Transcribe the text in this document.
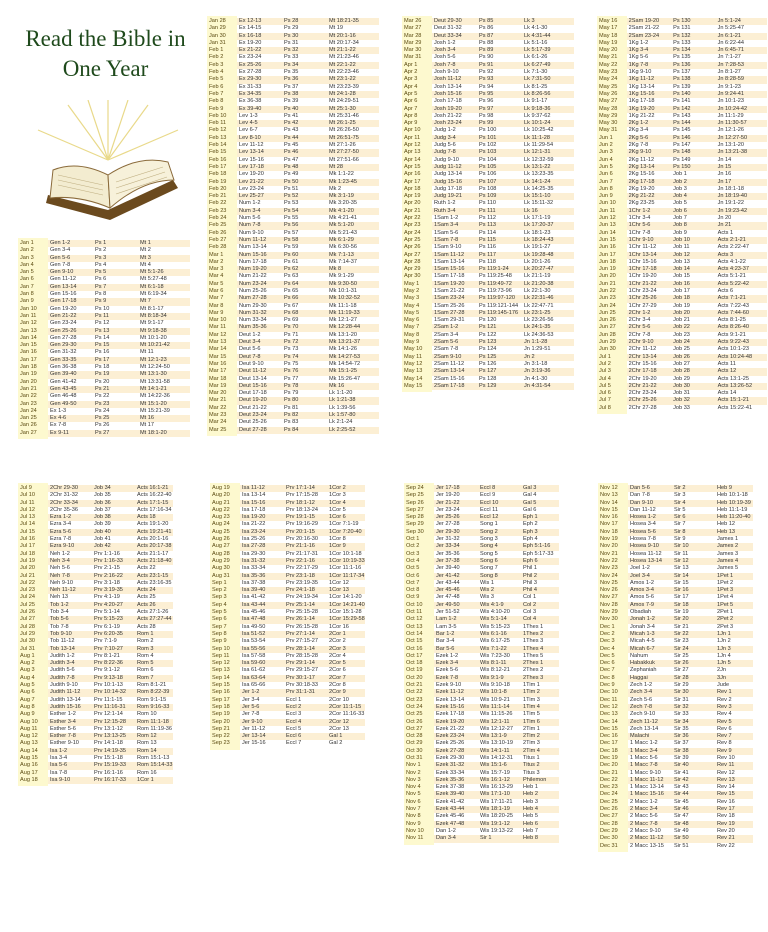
Read the Bible in One Year
Jan 1	Gen 1-2	Ps 1	Mt 1
Jan 2	Gen 3-4	Ps 2	Mt 2
Jan 3	Gen 5-6	Ps 3	Mt 3
Jan 4	Gen 7-8	Ps 4	Mt 4
Jan 5	Gen 9-10	Ps 5	Mt 5:1-26
Jan 6	Gen 11-12	Ps 6	Mt 5:27-48
Jan 7	Gen 13-14	Ps 7	Mt 6:1-18
Jan 8	Gen 15-16	Ps 8	Mt 6:19-34
Jan 9	Gen 17-18	Ps 9	Mt 7
Jan 10	Gen 19-20	Ps 10	Mt 8:1-17
Jan 11	Gen 21-22	Ps 11	Mt 8:18-34
Jan 12	Gen 23-24	Ps 12	Mt 9:1-17
Jan 13	Gen 25-26	Ps 13	Mt 9:18-38
Jan 14	Gen 27-28	Ps 14	Mt 10:1-20
Jan 15	Gen 29-30	Ps 15	Mt 10:21-42
Jan 16	Gen 31-32	Ps 16	Mt 11
Jan 17	Gen 33-35	Ps 17	Mt 12:1-23
Jan 18	Gen 36-38	Ps 18	Mt 12:24-50
Jan 19	Gen 39-40	Ps 19	Mt 13:1-30
Jan 20	Gen 41-42	Ps 20	Mt 13:31-58
Jan 21	Gen 43-45	Ps 21	Mt 14:1-21
Jan 22	Gen 46-48	Ps 22	Mt 14:22-36
Jan 23	Gen 49-50	Ps 23	Mt 15:1-20
Jan 24	Ex 1-3	Ps 24	Mt 15:21-39
Jan 25	Ex 4-6	Ps 25	Mt 16
Jan 26	Ex 7-8	Ps 26	Mt 17
Jan 27	Ex 9-11	Ps 27	Mt 18:1-20
Jan 28	Ex 12-13	Ps 28	Mt 18:21-35
Jan 29	Ex 14-15	Ps 29	Mt 19
Jan 30	Ex 16-18	Ps 30	Mt 20:1-16
Jan 31	Ex 19-20	Ps 31	Mt 20:17-34
Feb 1	Ex 21-22	Ps 32	Mt 21:1-22
Feb 2	Ex 23-24	Ps 33	Mt 21:23-46
Feb 3	Ex 25-26	Ps 34	Mt 22:1-22
Feb 4	Ex 27-28	Ps 35	Mt 22:23-46
Feb 5	Ex 29-30	Ps 36	Mt 23:1-22
Feb 6	Ex 31-33	Ps 37	Mt 23:23-39
Feb 7	Ex 34-35	Ps 38	Mt 24:1-28
Feb 8	Ex 36-38	Ps 39	Mt 24:29-51
Feb 9	Ex 39-40	Ps 40	Mt 25:1-30
Feb 10	Lev 1-3	Ps 41	Mt 25:31-46
Feb 11	Lev 4-5	Ps 42	Mt 26:1-25
Feb 12	Lev 6-7	Ps 43	Mt 26:26-50
Feb 13	Lev 8-10	Ps 44	Mt 26:51-75
Feb 14	Lev 11-12	Ps 45	Mt 27:1-26
Feb 15	Lev 13-14	Ps 46	Mt 27:27-50
Feb 16	Lev 15-16	Ps 47	Mt 27:51-66
Feb 17	Lev 17-18	Ps 48	Mt 28
Feb 18	Lev 19-20	Ps 49	Mk 1:1-22
Feb 19	Lev 21-22	Ps 50	Mk 1:23-45
Feb 20	Lev 23-24	Ps 51	Mk 2
Feb 21	Lev 25-27	Ps 52	Mk 3:1-19
Feb 22	Num 1-2	Ps 53	Mk 3:20-35
Feb 23	Num 3-4	Ps 54	Mk 4:1-20
Feb 24	Num 5-6	Ps 55	Mk 4:21-41
Feb 25	Num 7-8	Ps 56	Mk 5:1-20
Feb 26	Num 9-10	Ps 57	Mk 5:21-43
Feb 27	Num 11-12	Ps 58	Mk 6:1-29
Feb 28	Num 13-14	Ps 59	Mk 6:30-56
Mar 1	Num 15-16	Ps 60	Mk 7:1-13
Mar 2	Num 17-18	Ps 61	Mk 7:14-37
Mar 3	Num 19-20	Ps 62	Mk 8
Mar 4	Num 21-22	Ps 63	Mk 9:1-29
Mar 5	Num 23-24	Ps 64	Mk 9:30-50
Mar 6	Num 25-26	Ps 65	Mk 10:1-31
Mar 7	Num 27-28	Ps 66	Mk 10:32-52
Mar 8	Num 29-30	Ps 67	Mk 11:1-18
Mar 9	Num 31-32	Ps 68	Mk 11:19-33
Mar 10	Num 33-34	Ps 69	Mk 12:1-27
Mar 11	Num 35-36	Ps 70	Mk 12:28-44
Mar 12	Deut 1-2	Ps 71	Mk 13:1-20
Mar 13	Deut 3-4	Ps 72	Mk 13:21-37
Mar 14	Deut 5-6	Ps 73	Mk 14:1-26
Mar 15	Deut 7-8	Ps 74	Mk 14:27-53
Mar 16	Deut 9-10	Ps 75	Mk 14:54-72
Mar 17	Deut 11-12	Ps 76	Mk 15:1-25
Mar 18	Deut 13-14	Ps 77	Mk 15:26-47
Mar 19	Deut 15-16	Ps 78	Mk 16
Mar 20	Deut 17-18	Ps 79	Lk 1:1-20
Mar 21	Deut 19-20	Ps 80	Lk 1:21-38
Mar 22	Deut 21-22	Ps 81	Lk 1:39-56
Mar 23	Deut 23-24	Ps 82	Lk 1:57-80
Mar 24	Deut 25-26	Ps 83	Lk 2:1-24
Mar 25	Deut 27-28	Ps 84	Lk 2:25-52
Mar 26	Deut 29-30	Ps 85	Lk 3
Mar 27	Deut 31-32	Ps 86	Lk 4:1-30
Mar 28	Deut 33-34	Ps 87	Lk 4:31-44
Mar 29	Josh 1-2	Ps 88	Lk 5:1-16
Mar 30	Josh 3-4	Ps 89	Lk 5:17-39
Mar 31	Josh 5-6	Ps 90	Lk 6:1-26
Apr 1	Josh 7-8	Ps 91	Lk 6:27-49
Apr 2	Josh 9-10	Ps 92	Lk 7:1-30
Apr 3	Josh 11-12	Ps 93	Lk 7:31-50
Apr 4	Josh 13-14	Ps 94	Lk 8:1-25
Apr 5	Josh 15-16	Ps 95	Lk 8:26-56
Apr 6	Josh 17-18	Ps 96	Lk 9:1-17
Apr 7	Josh 19-20	Ps 97	Lk 9:18-36
Apr 8	Josh 21-22	Ps 98	Lk 9:37-62
Apr 9	Josh 23-24	Ps 99	Lk 10:1-24
Apr 10	Judg 1-2	Ps 100	Lk 10:25-42
Apr 11	Judg 3-4	Ps 101	Lk 11:1-28
Apr 12	Judg 5-6	Ps 102	Lk 11:29-54
Apr 13	Judg 7-8	Ps 103	Lk 12:1-31
Apr 14	Judg 9-10	Ps 104	Lk 12:32-59
Apr 15	Judg 11-12	Ps 105	Lk 13:1-22
Apr 16	Judg 13-14	Ps 106	Lk 13:23-35
Apr 17	Judg 15-16	Ps 107	Lk 14:1-24
Apr 18	Judg 17-18	Ps 108	Lk 14:25-35
Apr 19	Judg 19-21	Ps 109	Lk 15:1-10
Apr 20	Ruth 1-2	Ps 110	Lk 15:11-32
Apr 21	Ruth 3-4	Ps 111	Lk 16
Apr 22	1Sam 1-2	Ps 112	Lk 17:1-19
Apr 23	1Sam 3-4	Ps 113	Lk 17:20-37
Apr 24	1Sam 5-6	Ps 114	Lk 18:1-23
Apr 25	1Sam 7-8	Ps 115	Lk 18:24-43
Apr 26	1Sam 9-10	Ps 116	Lk 19:1-27
Apr 27	1Sam 11-12	Ps 117	Lk 19:28-48
Apr 28	1Sam 13-14	Ps 118	Lk 20:1-26
Apr 29	1Sam 15-16	Ps 119:1-24	Lk 20:27-47
Apr 30	1Sam 17-18	Ps 119:25-48	Lk 21:1-19
May 1	1Sam 19-20	Ps 119:49-72	Lk 21:20-38
May 2	1Sam 21-22	Ps 119:73-96	Lk 22:1-30
May 3	1Sam 23-24	Ps 119:97-120	Lk 22:31-46
May 4	1Sam 25-26	Ps 119:121-144	Lk 22:47-71
May 5	1Sam 27-28	Ps 119:145-176	Lk 23:1-25
May 6	1Sam 29-31	Ps 120	Lk 23:26-56
May 7	2Sam 1-2	Ps 121	Lk 24:1-35
May 8	2Sam 3-4	Ps 122	Lk 24:36-53
May 9	2Sam 5-6	Ps 123	Jn 1:1-28
May 10	2Sam 7-8	Ps 124	Jn 1:29-51
May 11	2Sam 9-10	Ps 125	Jn 2
May 12	2Sam 11-12	Ps 126	Jn 3:1-18
May 13	2Sam 13-14	Ps 127	Jn 3:19-36
May 14	2Sam 15-16	Ps 128	Jn 4:1-30
May 15	2Sam 17-18	Ps 129	Jn 4:31-54
May 16	2Sam 19-20	Ps 130	Jn 5:1-24
May 17	2Sam 21-22	Ps 131	Jn 5:25-47
May 18	2Sam 23-24	Ps 132	Jn 6:1-21
May 19	1Kg 1-2	Ps 133	Jn 6:22-44
May 20	1Kg 3-4	Ps 134	Jn 6:45-71
May 21	1Kg 5-6	Ps 135	Jn 7:1-27
May 22	1Kg 7-8	Ps 136	Jn 7:28-53
May 23	1Kg 9-10	Ps 137	Jn 8:1-27
May 24	1Kg 11-12	Ps 138	Jn 8:28-59
May 25	1Kg 13-14	Ps 139	Jn 9:1-23
May 26	1Kg 15-16	Ps 140	Jn 9:24-41
May 27	1Kg 17-18	Ps 141	Jn 10:1-23
May 28	1Kg 19-20	Ps 142	Jn 10:24-42
May 29	1Kg 21-22	Ps 143	Jn 11:1-29
May 30	2Kg 1-2	Ps 144	Jn 11:30-57
May 31	2Kg 3-4	Ps 145	Jn 12:1-26
Jun 1	2Kg 5-6	Ps 146	Jn 12:27-50
Jun 2	2Kg 7-8	Ps 147	Jn 13:1-20
Jun 3	2Kg 9-10	Ps 148	Jn 13:21-38
Jun 4	2Kg 11-12	Ps 149	Jn 14
Jun 5	2Kg 13-14	Ps 150	Jn 15
Jun 6	2Kg 15-16	Job 1	Jn 16
Jun 7	2Kg 17-18	Job 2	Jn 17
Jun 8	2Kg 19-20	Job 3	Jn 18:1-18
Jun 9	2Kg 21-22	Job 4	Jn 18:19-40
Jun 10	2Kg 23-25	Job 5	Jn 19:1-22
Jun 11	1Chr 1-2	Job 6	Jn 19:23-42
Jun 12	1Chr 3-4	Job 7	Jn 20
Jun 13	1Chr 5-6	Job 8	Jn 21
Jun 14	1Chr 7-8	Job 9	Acts 1
Jun 15	1Chr 9-10	Job 10	Acts 2:1-21
Jun 16	1Chr 11-12	Job 11	Acts 2:22-47
Jun 17	1Chr 13-14	Job 12	Acts 3
Jun 18	1Chr 15-16	Job 13	Acts 4:1-22
Jun 19	1Chr 17-18	Job 14	Acts 4:23-37
Jun 20	1Chr 19-20	Job 15	Acts 5:1-21
Jun 21	1Chr 21-22	Job 16	Acts 5:22-42
Jun 22	1Chr 23-24	Job 17	Acts 6
Jun 23	1Chr 25-26	Job 18	Acts 7:1-21
Jun 24	1Chr 27-29	Job 19	Acts 7:22-43
Jun 25	2Chr 1-2	Job 20	Acts 7:44-60
Jun 26	2Chr 3-4	Job 21	Acts 8:1-25
Jun 27	2Chr 5-6	Job 22	Acts 8:26-40
Jun 28	2Chr 7-8	Job 23	Acts 9:1-21
Jun 29	2Chr 9-10	Job 24	Acts 9:22-43
Jun 30	2Chr 11-12	Job 25	Acts 10:1-23
Jul 1	2Chr 13-14	Job 26	Acts 10:24-48
Jul 2	2Chr 15-16	Job 27	Acts 11
Jul 3	2Chr 17-18	Job 28	Acts 12
Jul 4	2Chr 19-20	Job 29	Acts 13:1-25
Jul 5	2Chr 21-22	Job 30	Acts 13:26-52
Jul 6	2Chr 23-24	Job 31	Acts 14
Jul 7	2Chr 25-26	Job 32	Acts 15:1-21
Jul 8	2Chr 27-28	Job 33	Acts 15:22-41
Jul 9	2Chr 29-30	Job 34	Acts 16:1-21
Jul 10	2Chr 31-32	Job 35	Acts 16:22-40
Jul 11	2Chr 33-34	Job 36	Acts 17:1-15
Jul 12	2Chr 35-36	Job 37	Acts 17:16-34
Jul 13	Ezra 1-2	Job 38	Acts 18
Jul 14	Ezra 3-4	Job 39	Acts 19:1-20
Jul 15	Ezra 5-6	Job 40	Acts 19:21-41
Jul 16	Ezra 7-8	Job 41	Acts 20:1-16
Jul 17	Ezra 9-10	Job 42	Acts 20:17-38
Jul 18	Neh 1-2	Prv 1:1-16	Acts 21:1-17
Jul 19	Neh 3-4	Prv 1:16-33	Acts 21:18-40
Jul 20	Neh 5-6	Prv 2:1-15	Acts 22
Jul 21	Neh 7-8	Prv 2:16-22	Acts 23:1-15
Jul 22	Neh 9-10	Prv 3:1-18	Acts 23:16-35
Jul 23	Neh 11-12	Prv 3:19-35	Acts 24
Jul 24	Neh 13	Prv 4:1-19	Acts 25
Jul 25	Tob 1-2	Prv 4:20-27	Acts 26
Jul 26	Tob 3-4	Prv 5:1-14	Acts 27:1-26
Jul 27	Tob 5-6	Prv 5:15-23	Acts 27:27-44
Jul 28	Tob 7-8	Prv 6:1-19	Acts 28
Jul 29	Tob 9-10	Prv 6:20-35	Rom 1
Jul 30	Tob 11-12	Prv 7:1-9	Rom 2
Jul 31	Tob 13-14	Prv 7:10-27	Rom 3
Aug 1	Judith 1-2	Prv 8:1-21	Rom 4
Aug 2	Judith 3-4	Prv 8:22-36	Rom 5
Aug 3	Judith 5-6	Prv 9:1-12	Rom 6
Aug 4	Judith 7-8	Prv 9:13-18	Rom 7
Aug 5	Judith 9-10	Prv 10:1-13	Rom 8:1-21
Aug 6	Judith 11-12	Prv 10:14-32	Rom 8:22-39
Aug 7	Judith 13-14	Prv 11:1-15	Rom 9:1-15
Aug 8	Judith 15-16	Prv 11:16-31	Rom 9:16-33
Aug 9	Esther 1-2	Prv 12:1-14	Rom 10
Aug 10	Esther 3-4	Prv 12:15-28	Rom 11:1-18
Aug 11	Esther 5-6	Prv 13:1-12	Rom 11:19-36
Aug 12	Esther 7-8	Prv 13:13-25	Rom 12
Aug 13	Esther 9-10	Prv 14:1-18	Rom 13
Aug 14	Isa 1-2	Prv 14:19-35	Rom 14
Aug 15	Isa 3-4	Prv 15:1-18	Rom 15:1-13
Aug 16	Isa 5-6	Prv 15:19-33	Rom 15:14-33
Aug 17	Isa 7-8	Prv 16:1-16	Rom 16
Aug 18	Isa 9-10	Prv 16:17-33	1Cor 1
Aug 19	Isa 11-12	Prv 17:1-14	1Cor 2
Aug 20	Isa 13-14	Prv 17:15-28	1Cor 3
Aug 21	Isa 15-16	Prv 18:1-12	1Cor 4
Aug 22	Isa 17-18	Prv 18:13-24	1Cor 5
Aug 23	Isa 19-20	Prv 19:1-15	1Cor 6
Aug 24	Isa 21-22	Prv 19:16-29	1Cor 7:1-19
Aug 25	Isa 23-24	Prv 20:1-15	1Cor 7:20-40
Aug 26	Isa 25-26	Prv 20:16-30	1Cor 8
Aug 27	Isa 27-28	Prv 21:1-16	1Cor 9
Aug 28	Isa 29-30	Prv 21:17-31	1Cor 10:1-18
Aug 29	Isa 31-32	Prv 22:1-16	1Cor 10:19-33
Aug 30	Isa 33-34	Prv 22:17-29	1Cor 11:1-16
Aug 31	Isa 35-36	Prv 23:1-18	1Cor 11:17-34
Sep 1	Isa 37-38	Prv 23:19-35	1Cor 12
Sep 2	Isa 39-40	Prv 24:1-18	1Cor 13
Sep 3	Isa 41-42	Prv 24:19-34	1Cor 14:1-20
Sep 4	Isa 43-44	Prv 25:1-14	1Cor 14:21-40
Sep 5	Isa 45-46	Prv 25:15-28	1Cor 15:1-28
Sep 6	Isa 47-48	Prv 26:1-14	1Cor 15:29-58
Sep 7	Isa 49-50	Prv 26:15-28	1Cor 16
Sep 8	Isa 51-52	Prv 27:1-14	2Cor 1
Sep 9	Isa 53-54	Prv 27:15-27	2Cor 2
Sep 10	Isa 55-56	Prv 28:1-14	2Cor 3
Sep 11	Isa 57-58	Prv 28:15-28	2Cor 4
Sep 12	Isa 59-60	Prv 29:1-14	2Cor 5
Sep 13	Isa 61-62	Prv 29:15-27	2Cor 6
Sep 14	Isa 63-64	Prv 30:1-17	2Cor 7
Sep 15	Isa 65-66	Prv 30:18-33	2Cor 8
Sep 16	Jer 1-2	Prv 31:1-31	2Cor 9
Sep 17	Jer 3-4	Eccl 1	2Cor 10
Sep 18	Jer 5-6	Eccl 2	2Cor 11:1-15
Sep 19	Jer 7-8	Eccl 3	2Cor 11:16-33
Sep 20	Jer 9-10	Eccl 4	2Cor 12
Sep 21	Jer 11-12	Eccl 5	2Cor 13
Sep 22	Jer 13-14	Eccl 6	Gal 1
Sep 23	Jer 15-16	Eccl 7	Gal 2
Sep 24	Jer 17-18	Eccl 8	Gal 3
Sep 25	Jer 19-20	Eccl 9	Gal 4
Sep 26	Jer 21-22	Eccl 10	Gal 5
Sep 27	Jer 23-24	Eccl 11	Gal 6
Sep 28	Jer 25-26	Eccl 12	Eph 1
Sep 29	Jer 27-28	Song 1	Eph 2
Sep 30	Jer 29-30	Song 2	Eph 3
Oct 1	Jer 31-32	Song 3	Eph 4
Oct 2	Jer 33-34	Song 4	Eph 5:1-16
Oct 3	Jer 35-36	Song 5	Eph 5:17-33
Oct 4	Jer 37-38	Song 6	Eph 6
Oct 5	Jer 39-40	Song 7	Phil 1
Oct 6	Jer 41-42	Song 8	Phil 2
Oct 7	Jer 43-44	Wis 1	Phil 3
Oct 8	Jer 45-46	Wis 2	Phil 4
Oct 9	Jer 47-48	Wis 3	Col 1
Oct 10	Jer 49-50	Wis 4:1-9	Col 2
Oct 11	Jer 51-52	Wis 4:10-20	Col 3
Oct 12	Lam 1-2	Wis 5:1-14	Col 4
Oct 13	Lam 3-5	Wis 5:15-23	1Thes 1
Oct 14	Bar 1-2	Wis 6:1-16	1Thes 2
Oct 15	Bar 3-4	Wis 6:17-25	1Thes 3
Oct 16	Bar 5-6	Wis 7:1-22	1Thes 4
Oct 17	Ezek 1-2	Wis 7:23-30	1Thes 5
Oct 18	Ezek 3-4	Wis 8:1-11	2Thes 1
Oct 19	Ezek 5-6	Wis 8:12-21	2Thes 2
Oct 20	Ezek 7-8	Wis 9:1-9	2Thes 3
Oct 21	Ezek 9-10	Wis 9:10-18	1Tim 1
Oct 22	Ezek 11-12	Wis 10:1-8	1Tim 2
Oct 23	Ezek 13-14	Wis 10:9-21	1Tim 3
Oct 24	Ezek 15-16	Wis 11:1-14	1Tim 4
Oct 25	Ezek 17-18	Wis 11:15-26	1Tim 5
Oct 26	Ezek 19-20	Wis 12:1-11	1Tim 6
Oct 27	Ezek 21-22	Wis 12:12-27	2Tim 1
Oct 28	Ezek 23-24	Wis 13:1-9	2Tim 2
Oct 29	Ezek 25-26	Wis 13:10-19	2Tim 3
Oct 30	Ezek 27-28	Wis 14:1-11	2Tim 4
Oct 31	Ezek 29-30	Wis 14:12-31	Titus 1
Nov 1	Ezek 31-32	Wis 15:1-6	Titus 2
Nov 2	Ezek 33-34	Wis 15:7-19	Titus 3
Nov 3	Ezek 35-36	Wis 16:1-12	Philemon
Nov 4	Ezek 37-38	Wis 16:13-29	Heb 1
Nov 5	Ezek 39-40	Wis 17:1-10	Heb 2
Nov 6	Ezek 41-42	Wis 17:11-21	Heb 3
Nov 7	Ezek 43-44	Wis 18:1-19	Heb 4
Nov 8	Ezek 45-46	Wis 18:20-25	Heb 5
Nov 9	Ezek 47-48	Wis 19:1-12	Heb 6
Nov 10	Dan 1-2	Wis 19:13-22	Heb 7
Nov 11	Dan 3-4	Sir 1	Heb 8
Nov 12	Dan 5-6	Sir 2	Heb 9
Nov 13	Dan 7-8	Sir 3	Heb 10:1-18
Nov 14	Dan 9-10	Sir 4	Heb 10:19-39
Nov 15	Dan 11-12	Sir 5	Heb 11:1-19
Nov 16	Hosea 1-2	Sir 6	Heb 11:20-40
Nov 17	Hosea 3-4	Sir 7	Heb 12
Nov 18	Hosea 5-6	Sir 8	Heb 13
Nov 19	Hosea 7-8	Sir 9	James 1
Nov 20	Hosea 9-10	Sir 10	James 2
Nov 21	Hosea 11-12	Sir 11	James 3
Nov 22	Hosea 13-14	Sir 12	James 4
Nov 23	Joel 1-2	Sir 13	James 5
Nov 24	Joel 3-4	Sir 14	1Pet 1
Nov 25	Amos 1-2	Sir 15	1Pet 2
Nov 26	Amos 3-4	Sir 16	1Pet 3
Nov 27	Amos 5-6	Sir 17	1Pet 4
Nov 28	Amos 7-9	Sir 18	1Pet 5
Nov 29	Obadiah	Sir 19	2Pet 1
Nov 30	Jonah 1-2	Sir 20	2Pet 2
Dec 1	Jonah 3-4	Sir 21	2Pet 3
Dec 2	Micah 1-3	Sir 22	1Jn 1
Dec 3	Micah 4-5	Sir 23	1Jn 2
Dec 4	Micah 6-7	Sir 24	1Jn 3
Dec 5	Nahum	Sir 25	1Jn 4
Dec 6	Habakkuk	Sir 26	1Jn 5
Dec 7	Zephaniah	Sir 27	2Jn
Dec 8	Haggai	Sir 28	3Jn
Dec 9	Zech 1-2	Sir 29	Jude
Dec 10	Zech 3-4	Sir 30	Rev 1
Dec 11	Zech 5-6	Sir 31	Rev 2
Dec 12	Zech 7-8	Sir 32	Rev 3
Dec 13	Zech 9-10	Sir 33	Rev 4
Dec 14	Zech 11-12	Sir 34	Rev 5
Dec 15	Zech 13-14	Sir 35	Rev 6
Dec 16	Malachi	Sir 36	Rev 7
Dec 17	1 Macc 1-2	Sir 37	Rev 8
Dec 18	1 Macc 3-4	Sir 38	Rev 9
Dec 19	1 Macc 5-6	Sir 39	Rev 10
Dec 20	1 Macc 7-8	Sir 40	Rev 11
Dec 21	1 Macc 9-10	Sir 41	Rev 12
Dec 22	1 Macc 11-12	Sir 42	Rev 13
Dec 23	1 Macc 13-14	Sir 43	Rev 14
Dec 24	1 Macc 15-16	Sir 44	Rev 15
Dec 25	2 Macc 1-2	Sir 45	Rev 16
Dec 26	2 Macc 3-4	Sir 46	Rev 17
Dec 27	2 Macc 5-6	Sir 47	Rev 18
Dec 28	2 Macc 7-8	Sir 48	Rev 19
Dec 29	2 Macc 9-10	Sir 49	Rev 20
Dec 30	2 Macc 11-12	Sir 50	Rev 21
Dec 31	2 Macc 13-15	Sir 51	Rev 22
